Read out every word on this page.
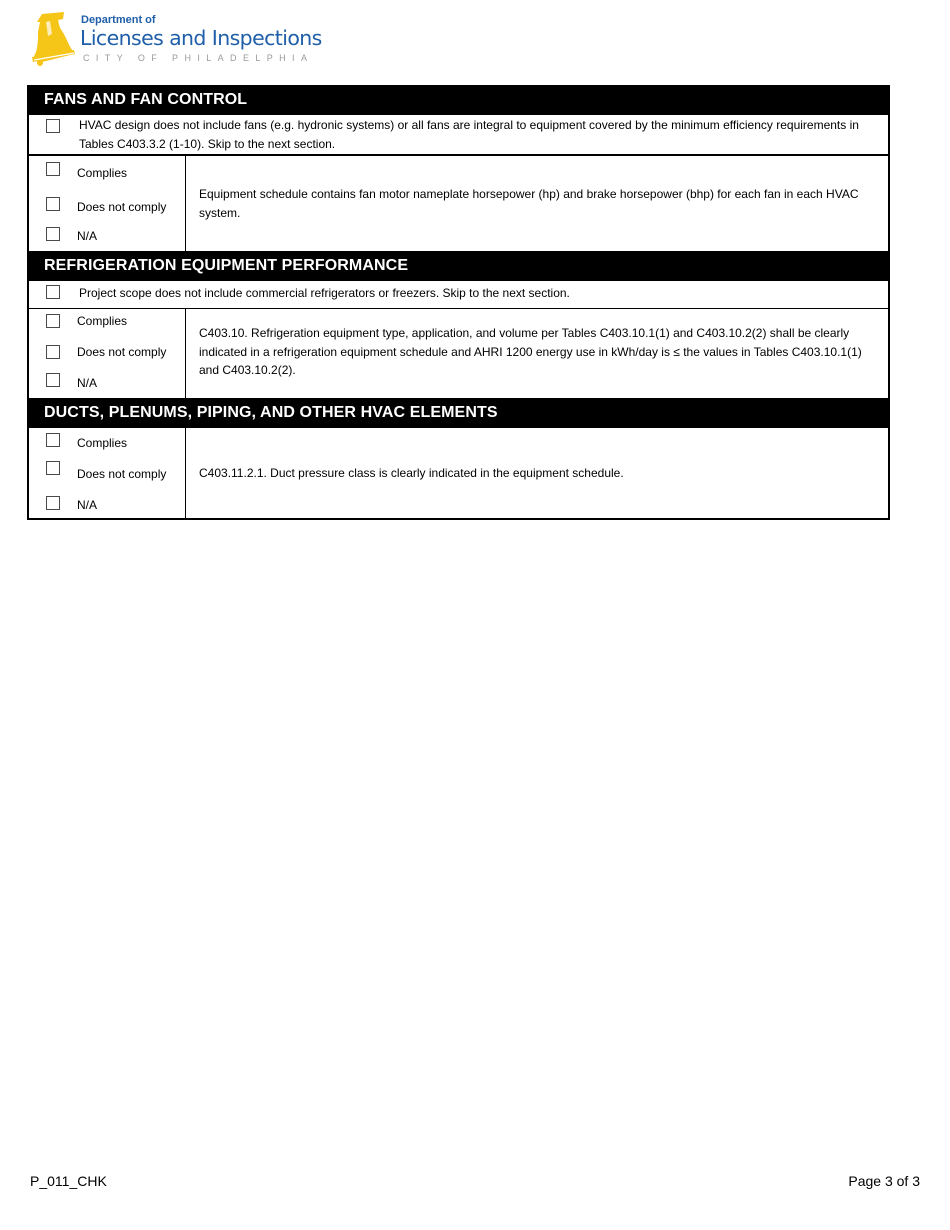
Department of
Licenses and Inspections
CITY OF PHILADELPHIA
FANS AND FAN CONTROL
HVAC design does not include fans (e.g. hydronic systems) or all fans are integral to equipment covered by the minimum efficiency requirements in Tables C403.3.2 (1-10). Skip to the next section.
Complies
Does not comply
N/A
Equipment schedule contains fan motor nameplate horsepower (hp) and brake horsepower (bhp) for each fan in each HVAC system.
REFRIGERATION EQUIPMENT PERFORMANCE
Project scope does not include commercial refrigerators or freezers. Skip to the next section.
Complies
Does not comply
N/A
C403.10. Refrigeration equipment type, application, and volume per Tables C403.10.1(1) and C403.10.2(2) shall be clearly indicated in a refrigeration equipment schedule and AHRI 1200 energy use in kWh/day is ≤ the values in Tables C403.10.1(1) and C403.10.2(2).
DUCTS, PLENUMS, PIPING, AND OTHER HVAC ELEMENTS
Complies
Does not comply
N/A
C403.11.2.1. Duct pressure class is clearly indicated in the equipment schedule.
P_011_CHK	Page 3 of 3
